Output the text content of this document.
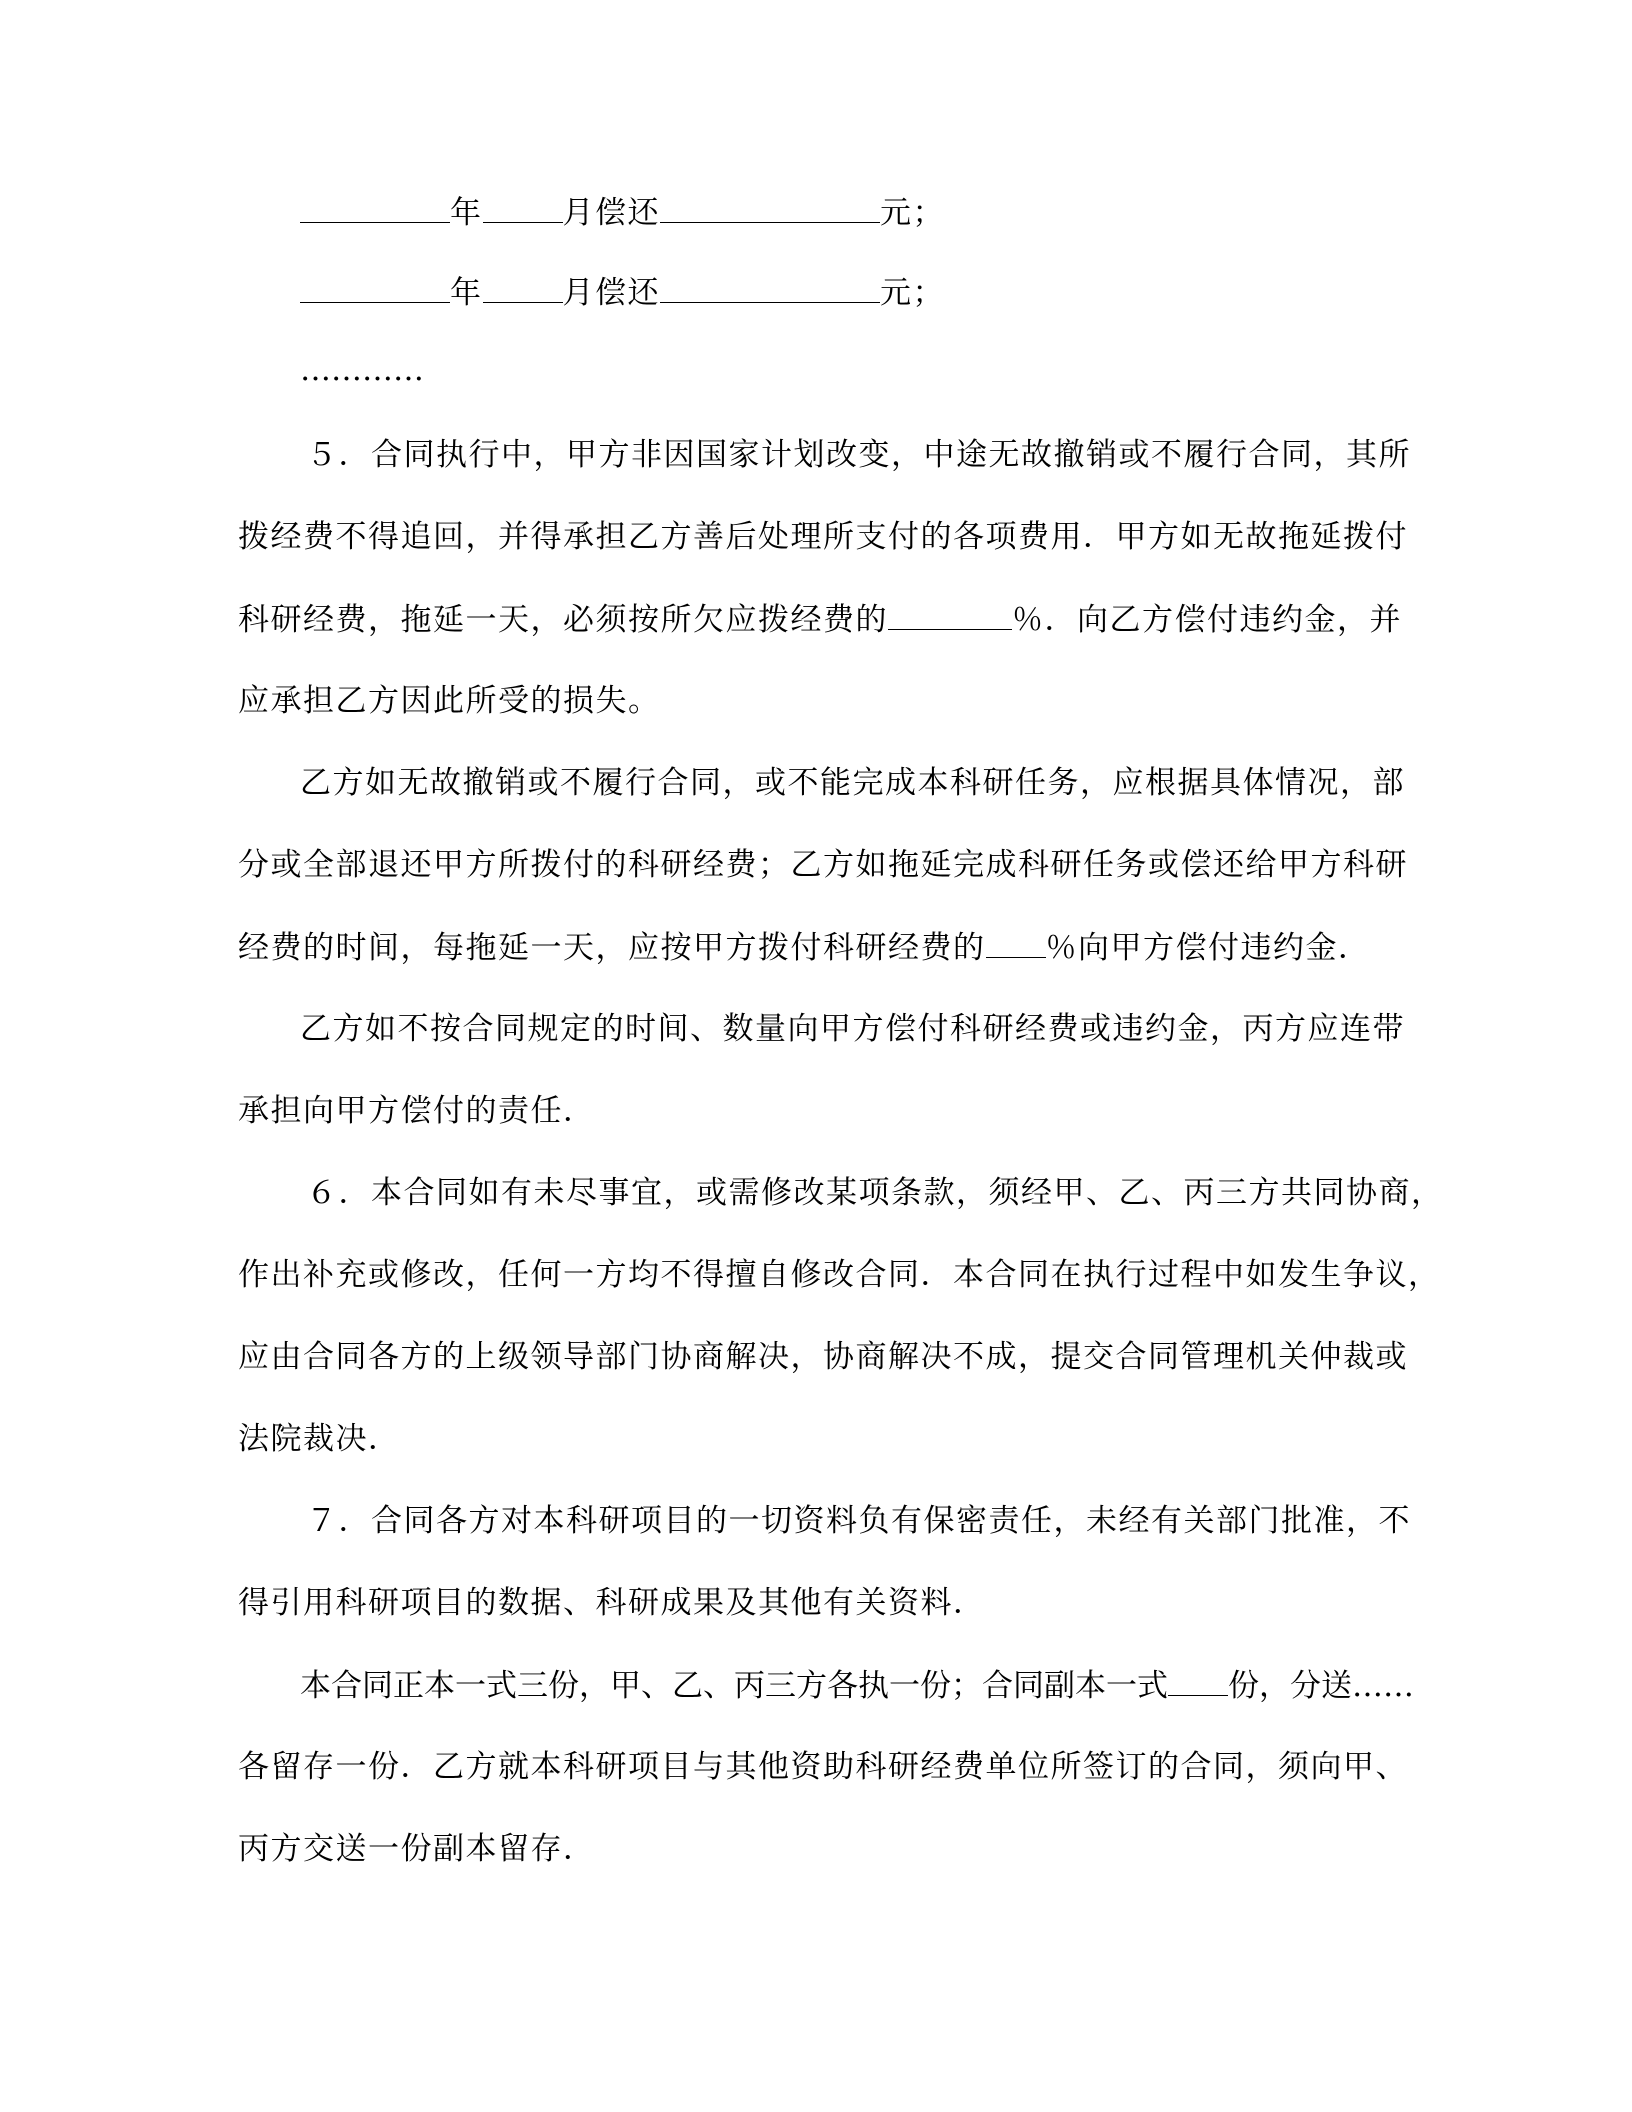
年	月偿还	元；
年	月偿还	元；
…………
５．合同执行中，甲方非因国家计划改变，中途无故撤销或不履行合同，其所
拨经费不得追回，并得承担乙方善后处理所支付的各项费用．甲方如无故拖延拨付
科研经费，拖延一天，必须按所欠应拨经费的	％．向乙方偿付违约金，并
应承担乙方因此所受的损失。
乙方如无故撤销或不履行合同，或不能完成本科研任务，应根据具体情况，部
分或全部退还甲方所拨付的科研经费；乙方如拖延完成科研任务或偿还给甲方科研
经费的时间，每拖延一天，应按甲方拨付科研经费的 ％向甲方偿付违约金．
乙方如不按合同规定的时间、数量向甲方偿付科研经费或违约金，丙方应连带
承担向甲方偿付的责任．
６．本合同如有未尽事宜，或需修改某项条款，须经甲、乙、丙三方共同协商，
作出补充或修改，任何一方均不得擅自修改合同．本合同在执行过程中如发生争议，
应由合同各方的上级领导部门协商解决，协商解决不成，提交合同管理机关仲裁或
法院裁决．
７．合同各方对本科研项目的一切资料负有保密责任，未经有关部门批准，不
得引用科研项目的数据、科研成果及其他有关资料．
本合同正本一式三份，甲、乙、丙三方各执一份；合同副本一式 份，分送……
各留存一份．乙方就本科研项目与其他资助科研经费单位所签订的合同，须向甲、
丙方交送一份副本留存．
